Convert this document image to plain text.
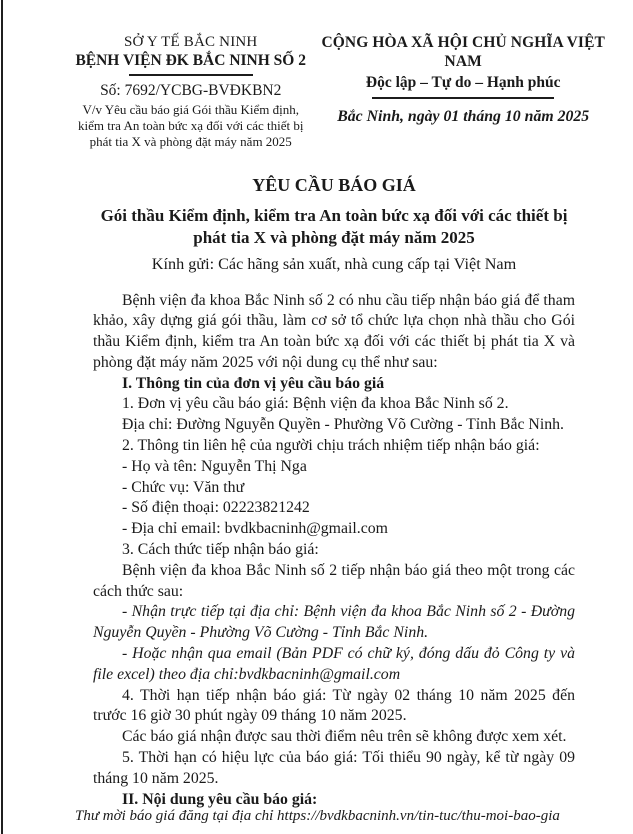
SỞ Y TẾ BẮC NINH
BỆNH VIỆN ĐK BẮC NINH SỐ 2
Số: 7692/YCBG-BVĐKBN2
V/v Yêu cầu báo giá Gói thầu Kiểm định, kiểm tra An toàn bức xạ đối với các thiết bị phát tia X và phòng đặt máy năm 2025
CỘNG HÒA XÃ HỘI CHỦ NGHĨA VIỆT NAM
Độc lập – Tự do – Hạnh phúc
Bắc Ninh, ngày 01 tháng 10 năm 2025
YÊU CẦU BÁO GIÁ
Gói thầu Kiểm định, kiểm tra An toàn bức xạ đối với các thiết bị phát tia X và phòng đặt máy năm 2025
Kính gửi: Các hãng sản xuất, nhà cung cấp tại Việt Nam

Bệnh viện đa khoa Bắc Ninh số 2 có nhu cầu tiếp nhận báo giá để tham khảo, xây dựng giá gói thầu, làm cơ sở tổ chức lựa chọn nhà thầu cho Gói thầu Kiểm định, kiểm tra An toàn bức xạ đối với các thiết bị phát tia X và phòng đặt máy năm 2025 với nội dung cụ thể như sau:

I. Thông tin của đơn vị yêu cầu báo giá

1. Đơn vị yêu cầu báo giá: Bệnh viện đa khoa Bắc Ninh số 2.

Địa chỉ: Đường Nguyễn Quyền - Phường Võ Cường - Tỉnh Bắc Ninh.

2. Thông tin liên hệ của người chịu trách nhiệm tiếp nhận báo giá:

- Họ và tên: Nguyễn Thị Nga

- Chức vụ: Văn thư

- Số điện thoại: 02223821242

- Địa chỉ email: bvdkbacninh@gmail.com

3. Cách thức tiếp nhận báo giá:

Bệnh viện đa khoa Bắc Ninh số 2 tiếp nhận báo giá theo một trong các cách thức sau:

- Nhận trực tiếp tại địa chỉ: Bệnh viện đa khoa Bắc Ninh số 2 - Đường Nguyễn Quyền - Phường Võ Cường - Tỉnh Bắc Ninh.

- Hoặc nhận qua email (Bản PDF có chữ ký, đóng dấu đỏ Công ty và file excel) theo địa chỉ:bvdkbacninh@gmail.com

4. Thời hạn tiếp nhận báo giá: Từ ngày 02 tháng 10 năm 2025 đến trước 16 giờ 30 phút ngày 09 tháng 10 năm 2025.

Các báo giá nhận được sau thời điểm nêu trên sẽ không được xem xét.

5. Thời hạn có hiệu lực của báo giá: Tối thiểu 90 ngày, kể từ ngày 09 tháng 10 năm 2025.

II. Nội dung yêu cầu báo giá:

Thư mời báo giá đăng tại địa chỉ https://bvdkbacninh.vn/tin-tuc/thu-moi-bao-gia
